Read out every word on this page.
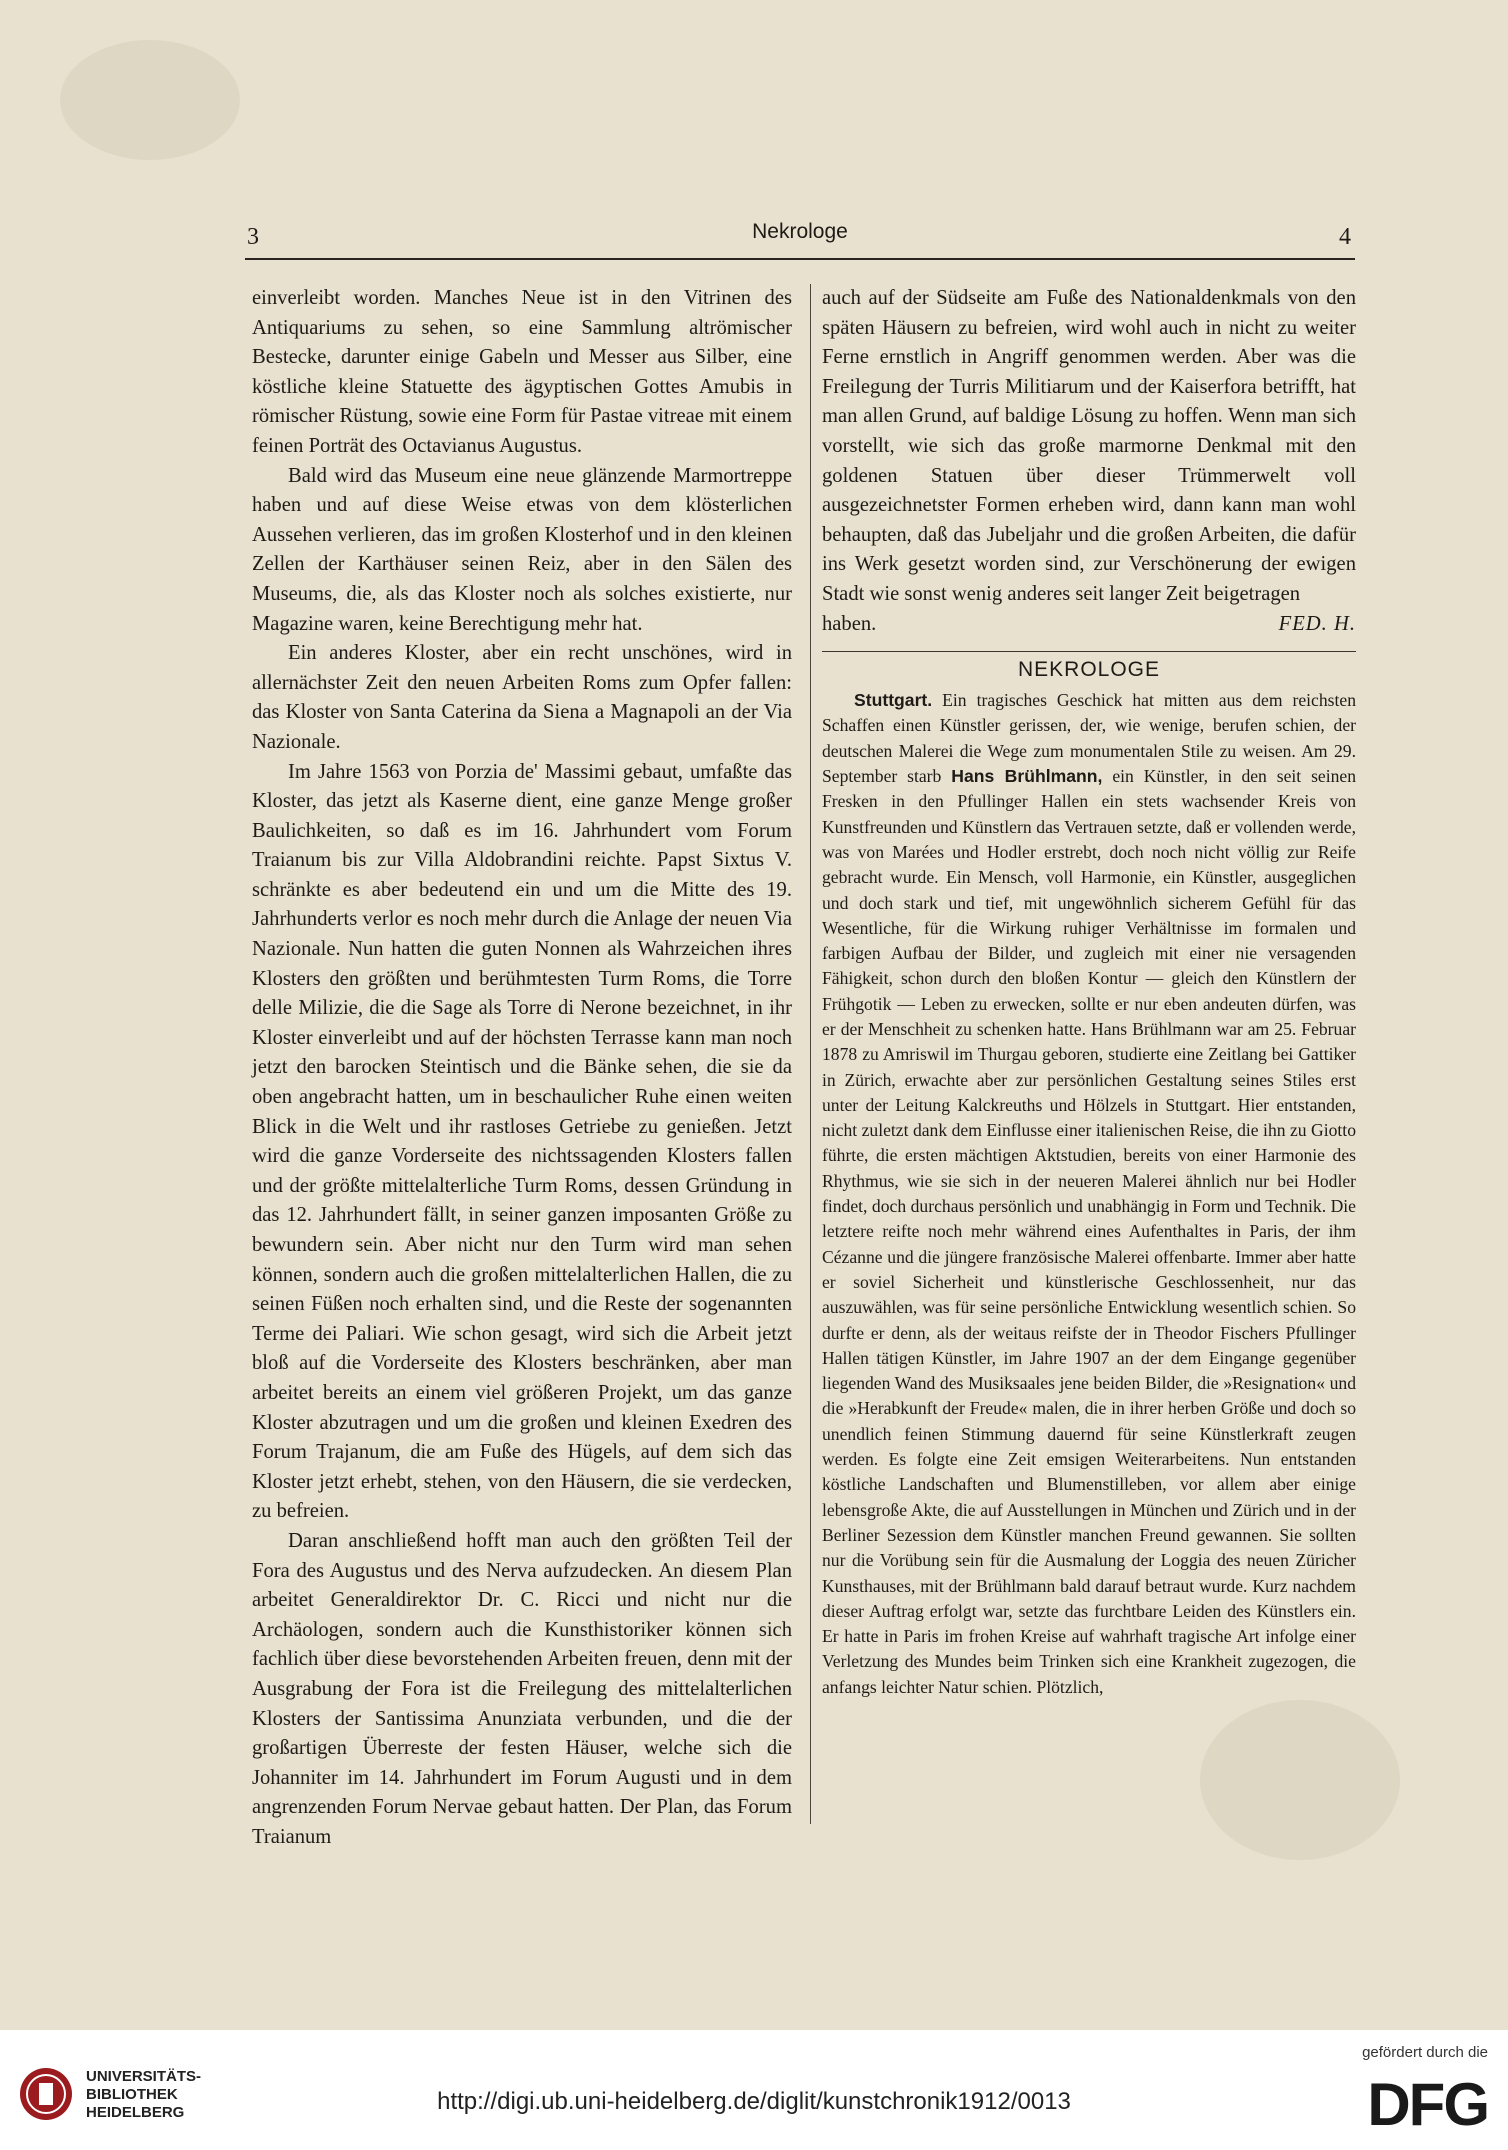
3	Nekrologe	4

einverleibt worden. Manches Neue ist in den Vitrinen des Antiquariums zu sehen, so eine Sammlung altrömischer Bestecke, darunter einige Gabeln und Messer aus Silber, eine köstliche kleine Statuette des ägyptischen Gottes Amubis in römischer Rüstung, sowie eine Form für Pastae vitreae mit einem feinen Porträt des Octavianus Augustus.

Bald wird das Museum eine neue glänzende Marmortreppe haben und auf diese Weise etwas von dem klösterlichen Aussehen verlieren, das im großen Klosterhof und in den kleinen Zellen der Karthäuser seinen Reiz, aber in den Sälen des Museums, die, als das Kloster noch als solches existierte, nur Magazine waren, keine Berechtigung mehr hat.

Ein anderes Kloster, aber ein recht unschönes, wird in allernächster Zeit den neuen Arbeiten Roms zum Opfer fallen: das Kloster von Santa Caterina da Siena a Magnapoli an der Via Nazionale.

Im Jahre 1563 von Porzia de' Massimi gebaut, umfaßte das Kloster, das jetzt als Kaserne dient, eine ganze Menge großer Baulichkeiten, so daß es im 16. Jahrhundert vom Forum Traianum bis zur Villa Aldobrandini reichte. Papst Sixtus V. schränkte es aber bedeutend ein und um die Mitte des 19. Jahrhunderts verlor es noch mehr durch die Anlage der neuen Via Nazionale. Nun hatten die guten Nonnen als Wahrzeichen ihres Klosters den größten und berühmtesten Turm Roms, die Torre delle Milizie, die die Sage als Torre di Nerone bezeichnet, in ihr Kloster einverleibt und auf der höchsten Terrasse kann man noch jetzt den barocken Steintisch und die Bänke sehen, die sie da oben angebracht hatten, um in beschaulicher Ruhe einen weiten Blick in die Welt und ihr rastloses Getriebe zu genießen. Jetzt wird die ganze Vorderseite des nichtssagenden Klosters fallen und der größte mittelalterliche Turm Roms, dessen Gründung in das 12. Jahrhundert fällt, in seiner ganzen imposanten Größe zu bewundern sein. Aber nicht nur den Turm wird man sehen können, sondern auch die großen mittelalterlichen Hallen, die zu seinen Füßen noch erhalten sind, und die Reste der sogenannten Terme dei Paliari. Wie schon gesagt, wird sich die Arbeit jetzt bloß auf die Vorderseite des Klosters beschränken, aber man arbeitet bereits an einem viel größeren Projekt, um das ganze Kloster abzutragen und um die großen und kleinen Exedren des Forum Trajanum, die am Fuße des Hügels, auf dem sich das Kloster jetzt erhebt, stehen, von den Häusern, die sie verdecken, zu befreien.

Daran anschließend hofft man auch den größten Teil der Fora des Augustus und des Nerva aufzudecken. An diesem Plan arbeitet Generaldirektor Dr. C. Ricci und nicht nur die Archäologen, sondern auch die Kunsthistoriker können sich fachlich über diese bevorstehenden Arbeiten freuen, denn mit der Ausgrabung der Fora ist die Freilegung des mittelalterlichen Klosters der Santissima Anunziata verbunden, und die der großartigen Überreste der festen Häuser, welche sich die Johanniter im 14. Jahrhundert im Forum Augusti und in dem angrenzenden Forum Nervae gebaut hatten. Der Plan, das Forum Traianum

auch auf der Südseite am Fuße des Nationaldenkmals von den späten Häusern zu befreien, wird wohl auch in nicht zu weiter Ferne ernstlich in Angriff genommen werden. Aber was die Freilegung der Turris Militiarum und der Kaiserfora betrifft, hat man allen Grund, auf baldige Lösung zu hoffen. Wenn man sich vorstellt, wie sich das große marmorne Denkmal mit den goldenen Statuen über dieser Trümmerwelt voll ausgezeichnetster Formen erheben wird, dann kann man wohl behaupten, daß das Jubeljahr und die großen Arbeiten, die dafür ins Werk gesetzt worden sind, zur Verschönerung der ewigen Stadt wie sonst wenig anderes seit langer Zeit beigetragen

haben.	FED. H.
NEKROLOGE

Stuttgart. Ein tragisches Geschick hat mitten aus dem reichsten Schaffen einen Künstler gerissen, der, wie wenige, berufen schien, der deutschen Malerei die Wege zum monumentalen Stile zu weisen. Am 29. September starb Hans Brühlmann, ein Künstler, in den seit seinen Fresken in den Pfullinger Hallen ein stets wachsender Kreis von Kunstfreunden und Künstlern das Vertrauen setzte, daß er vollenden werde, was von Marées und Hodler erstrebt, doch noch nicht völlig zur Reife gebracht wurde. Ein Mensch, voll Harmonie, ein Künstler, ausgeglichen und doch stark und tief, mit ungewöhnlich sicherem Gefühl für das Wesentliche, für die Wirkung ruhiger Verhältnisse im formalen und farbigen Aufbau der Bilder, und zugleich mit einer nie versagenden Fähigkeit, schon durch den bloßen Kontur — gleich den Künstlern der Frühgotik — Leben zu erwecken, sollte er nur eben andeuten dürfen, was er der Menschheit zu schenken hatte. Hans Brühlmann war am 25. Februar 1878 zu Amriswil im Thurgau geboren, studierte eine Zeitlang bei Gattiker in Zürich, erwachte aber zur persönlichen Gestaltung seines Stiles erst unter der Leitung Kalckreuths und Hölzels in Stuttgart. Hier entstanden, nicht zuletzt dank dem Einflusse einer italienischen Reise, die ihn zu Giotto führte, die ersten mächtigen Aktstudien, bereits von einer Harmonie des Rhythmus, wie sie sich in der neueren Malerei ähnlich nur bei Hodler findet, doch durchaus persönlich und unabhängig in Form und Technik. Die letztere reifte noch mehr während eines Aufenthaltes in Paris, der ihm Cézanne und die jüngere französische Malerei offenbarte. Immer aber hatte er soviel Sicherheit und künstlerische Geschlossenheit, nur das auszuwählen, was für seine persönliche Entwicklung wesentlich schien. So durfte er denn, als der weitaus reifste der in Theodor Fischers Pfullinger Hallen tätigen Künstler, im Jahre 1907 an der dem Eingange gegenüber liegenden Wand des Musiksaales jene beiden Bilder, die »Resignation« und die »Herabkunft der Freude« malen, die in ihrer herben Größe und doch so unendlich feinen Stimmung dauernd für seine Künstlerkraft zeugen werden. Es folgte eine Zeit emsigen Weiterarbeitens. Nun entstanden köstliche Landschaften und Blumenstilleben, vor allem aber einige lebensgroße Akte, die auf Ausstellungen in München und Zürich und in der Berliner Sezession dem Künstler manchen Freund gewannen. Sie sollten nur die Vorübung sein für die Ausmalung der Loggia des neuen Züricher Kunsthauses, mit der Brühlmann bald darauf betraut wurde. Kurz nachdem dieser Auftrag erfolgt war, setzte das furchtbare Leiden des Künstlers ein. Er hatte in Paris im frohen Kreise auf wahrhaft tragische Art infolge einer Verletzung des Mundes beim Trinken sich eine Krankheit zugezogen, die anfangs leichter Natur schien. Plötzlich,

UNIVERSITÄTS-
BIBLIOTHEK
HEIDELBERG	http://digi.ub.uni-heidelberg.de/diglit/kunstchronik1912/0013
gefördert durch die
DFG
